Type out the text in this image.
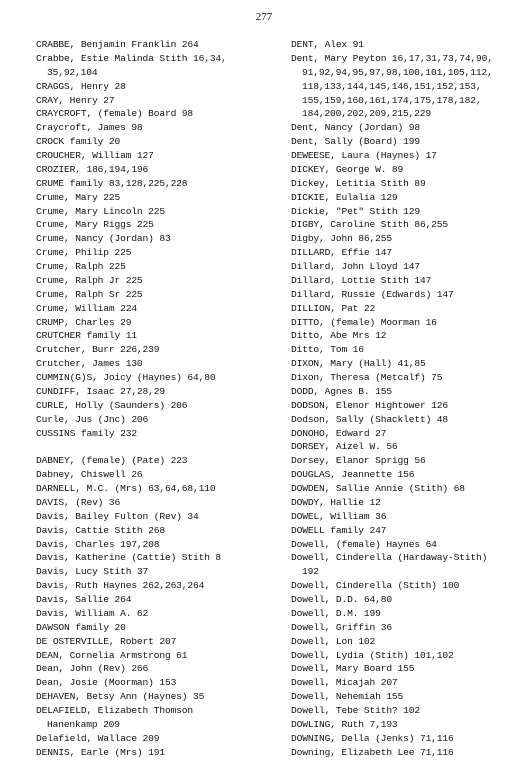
277
CRABBE, Benjamin Franklin 264
Crabbe, Estie Malinda Stith 16,34,
35,92,104
CRAGGS, Henry 28
CRAY, Henry 27
CRAYCROFT, (female) Board 98
Craycroft, James 98
CROCK family 20
CROUCHER, William 127
CROZIER, 186,194,196
CRUME family 83,128,225,228
Crume, Mary 225
Crume, Mary Lincoln 225
Crume, Mary Riggs 225
Crume, Nancy (Jordan) 83
Crume, Philip 225
Crume, Ralph 225
Crume, Ralph Jr 225
Crume, Ralph Sr 225
Crume, William 224
CRUMP, Charles 29
CRUTCHER family 11
Crutcher, Burr 226,239
Crutcher, James 130
CUMMIN(G)S, Joicy (Haynes) 64,80
CUNDIFF, Isaac 27,28,29
CURLE, Holly (Saunders) 206
Curle, Jus (Jnc) 206
CUSSINS family 232
DABNEY, (female) (Pate) 223
Dabney, Chiswell 26
DARNELL, M.C. (Mrs) 63,64,68,110
DAVIS, (Rev) 36
Davis, Bailey Fulton (Rev) 34
Davis, Cattie Stith 268
Davis, Charles 197,208
Davis, Katherine (Cattie) Stith 8
Davis, Lucy Stith 37
Davis, Ruth Haynes 262,263,264
Davis, Sallie 264
Davis, William A. 62
DAWSON family 20
DE OSTERVILLE, Robert 207
DEAN, Cornelia Armstrong 61
Dean, John (Rev) 266
Dean, Josie (Moorman) 153
DEHAVEN, Betsy Ann (Haynes) 35
DELAFIELD, Elizabeth Thomson
Hanenkamp 209
Delafield, Wallace 209
DENNIS, Earle (Mrs) 191
DENT, Alex 91
Dent, Mary Peyton 16,17,31,73,74,90,
91,92,94,95,97,98,100,101,105,112,
118,133,144,145,146,151,152,153,
155,159,160,161,174,175,178,182,
184,200,202,209,215,229
Dent, Nancy (Jordan) 98
Dent, Sally (Board) 199
DEWEESE, Laura (Haynes) 17
DICKEY, George W. 89
Dickey, Letitia Stith 89
DICKIE, Eulalia 129
Dickie, "Pet" Stith 129
DIGBY, Caroline Stith 86,255
Digby, John 86,255
DILLARD, Effie 147
Dillard, John Lloyd 147
Dillard, Lottie Stith 147
Dillard, Russie (Edwards) 147
DILLION, Pat 22
DITTO, (female) Moorman 16
Ditto, Abe Mrs 12
Ditto, Tom 16
DIXON, Mary (Hall) 41,85
Dixon, Theresa (Metcalf) 75
DODD, Agnes B. 155
DODSON, Elenor Hightower 126
Dodson, Sally (Shacklett) 48
DONOHO, Edward 27
DORSEY, Aizel W. 56
Dorsey, Elanor Sprigg 56
DOUGLAS, Jeannette 156
DOWDEN, Sallie Annie (Stith) 68
DOWDY, Hallie 12
DOWEL, William 36
DOWELL family 247
Dowell, (female) Haynes 64
Dowell, Cinderella (Hardaway-Stith)
192
Dowell, Cinderella (Stith) 100
Dowell, D.D. 64,80
Dowell, D.M. 199
Dowell, Griffin 36
Dowell, Lon 102
Dowell, Lydia (Stith) 101,102
Dowell, Mary Board 155
Dowell, Micajah 207
Dowell, Nehemiah 155
Dowell, Tebe Stith? 102
DOWLING, Ruth 7,193
DOWNING, Della (Jenks) 71,116
Downing, Elizabeth Lee 71,116
